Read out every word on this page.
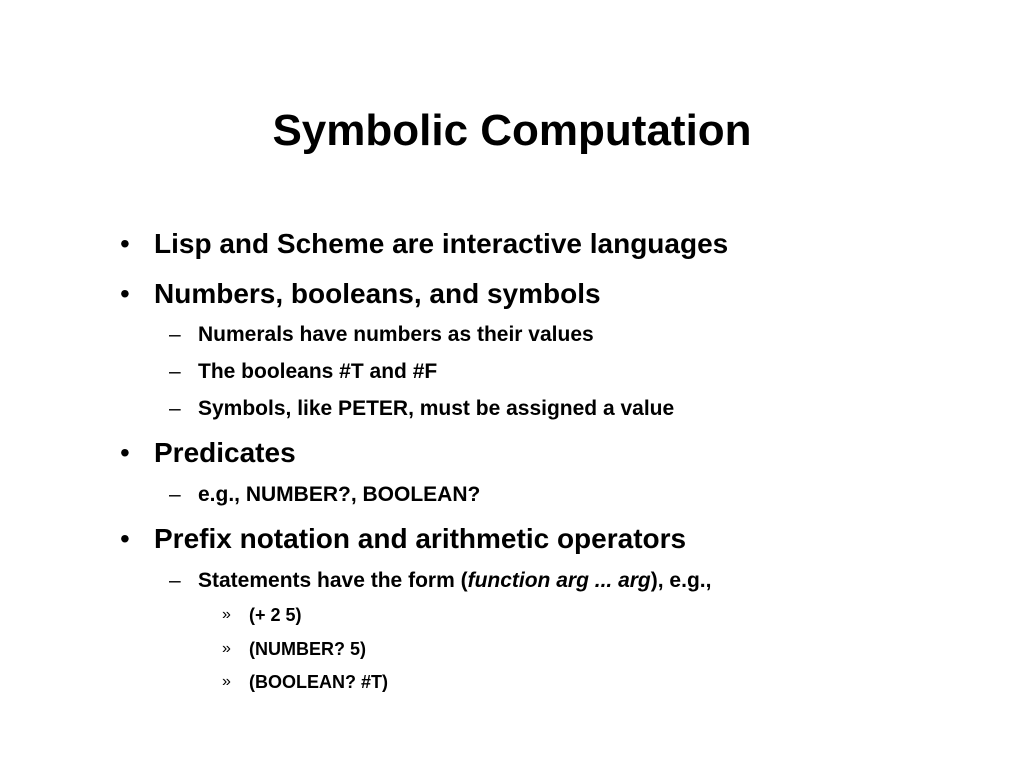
Symbolic Computation
• Lisp and Scheme are interactive languages
• Numbers, booleans, and symbols
– Numerals have numbers as their values
– The booleans #T and #F
– Symbols, like PETER, must be assigned a value
• Predicates
– e.g., NUMBER?, BOOLEAN?
• Prefix notation and arithmetic operators
– Statements have the form (function arg ... arg), e.g.,
» (+ 2 5)
» (NUMBER? 5)
» (BOOLEAN? #T)
